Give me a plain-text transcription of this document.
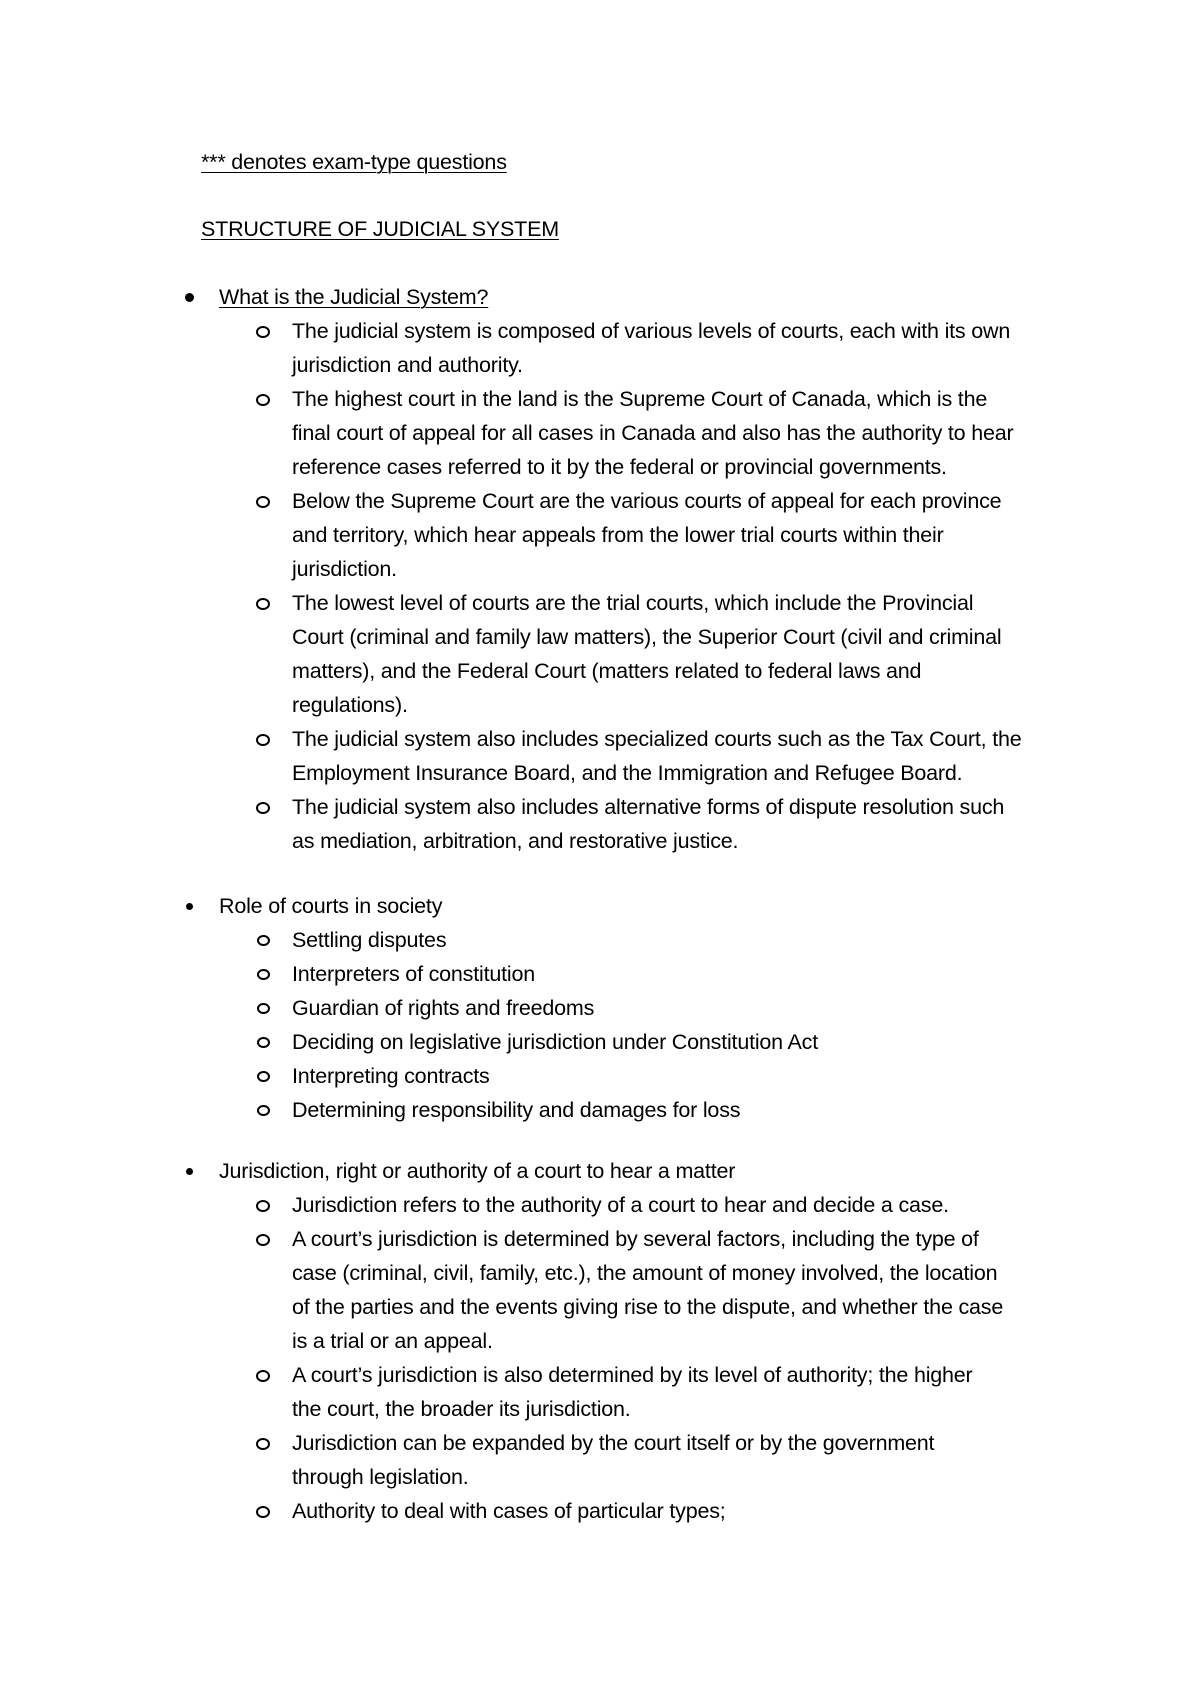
*** denotes exam-type questions
STRUCTURE OF JUDICIAL SYSTEM
What is the Judicial System?
The judicial system is composed of various levels of courts, each with its own
jurisdiction and authority.
The highest court in the land is the Supreme Court of Canada, which is the
final court of appeal for all cases in Canada and also has the authority to hear
reference cases referred to it by the federal or provincial governments.
Below the Supreme Court are the various courts of appeal for each province
and territory, which hear appeals from the lower trial courts within their
jurisdiction.
The lowest level of courts are the trial courts, which include the Provincial
Court (criminal and family law matters), the Superior Court (civil and criminal
matters), and the Federal Court (matters related to federal laws and
regulations).
The judicial system also includes specialized courts such as the Tax Court, the
Employment Insurance Board, and the Immigration and Refugee Board.
The judicial system also includes alternative forms of dispute resolution such
as mediation, arbitration, and restorative justice.
Role of courts in society
Settling disputes
Interpreters of constitution
Guardian of rights and freedoms
Deciding on legislative jurisdiction under Constitution Act
Interpreting contracts
Determining responsibility and damages for loss
Jurisdiction, right or authority of a court to hear a matter
Jurisdiction refers to the authority of a court to hear and decide a case.
A court’s jurisdiction is determined by several factors, including the type of
case (criminal, civil, family, etc.), the amount of money involved, the location
of the parties and the events giving rise to the dispute, and whether the case
is a trial or an appeal.
A court’s jurisdiction is also determined by its level of authority; the higher
the court, the broader its jurisdiction.
Jurisdiction can be expanded by the court itself or by the government
through legislation.
Authority to deal with cases of particular types;
